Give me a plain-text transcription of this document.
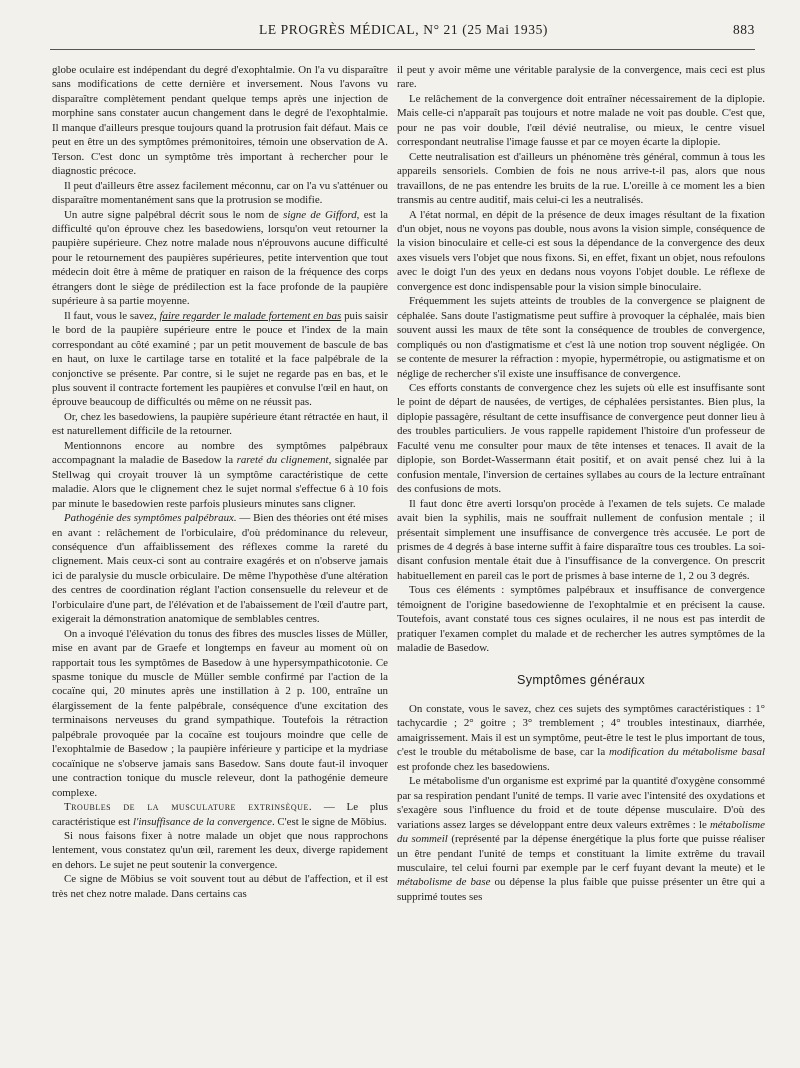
LE PROGRÈS MÉDICAL, N° 21 (25 Mai 1935)	883

globe oculaire est indépendant du degré d'exophtalmie. On l'a vu disparaître sans modifications de cette dernière et inversement. Nous l'avons vu disparaître complètement pendant quelque temps après une injection de morphine sans constater aucun changement dans le degré de l'exophtalmie. Il manque d'ailleurs presque toujours quand la protrusion fait défaut. Mais ce peut en être un des symptômes prémonitoires, témoin une observation de A. Terson. C'est donc un symptôme très important à rechercher pour le diagnostic précoce.

Il peut d'ailleurs être assez facilement méconnu, car on l'a vu s'atténuer ou disparaître momentanément sans que la protrusion se modifie.

Un autre signe palpébral décrit sous le nom de signe de Gifford, est la difficulté qu'on éprouve chez les basedowiens, lorsqu'on veut retourner la paupière supérieure. Chez notre malade nous n'éprouvons aucune difficulté pour le retournement des paupières supérieures, petite intervention que tout médecin doit être à même de pratiquer en raison de la fréquence des corps étrangers dont le siège de prédilection est la face profonde de la paupière supérieure à sa partie moyenne.

Il faut, vous le savez, faire regarder le malade fortement en bas puis saisir le bord de la paupière supérieure entre le pouce et l'index de la main correspondant au côté examiné ; par un petit mouvement de bascule de bas en haut, on luxe le cartilage tarse en totalité et la face palpébrale de la conjonctive se présente. Par contre, si le sujet ne regarde pas en bas, et le plus souvent il contracte fortement les paupières et convulse l'œil en haut, on éprouve beaucoup de difficultés ou même on ne réussit pas.

Or, chez les basedowiens, la paupière supérieure étant rétractée en haut, il est naturellement difficile de la retourner.

Mentionnons encore au nombre des symptômes palpébraux accompagnant la maladie de Basedow la rareté du clignement, signalée par Stellwag qui croyait trouver là un symptôme caractéristique de cette maladie. Alors que le clignement chez le sujet normal s'effectue 6 à 10 fois par minute le basedowien reste parfois plusieurs minutes sans cligner.

Pathogénie des symptômes palpébraux. — Bien des théories ont été mises en avant : relâchement de l'orbiculaire, d'où prédominance du releveur, conséquence d'un affaiblissement des réflexes comme la rareté du clignement. Mais ceux-ci sont au contraire exagérés et on n'observe jamais ici de paralysie du muscle orbiculaire. De même l'hypothèse d'une altération des centres de coordination réglant l'action consensuelle du releveur et de l'orbiculaire d'une part, de l'élévation et de l'abaissement de l'œil d'autre part, exigerait la démonstration anatomique de semblables centres.

On a invoqué l'élévation du tonus des fibres des muscles lisses de Müller, mise en avant par de Graefe et longtemps en faveur au moment où on rapportait tous les symptômes de Basedow à une hypersympathicotonie. Ce spasme tonique du muscle de Müller semble confirmé par l'action de la cocaïne qui, 20 minutes après une instillation à 2 p. 100, entraîne un élargissement de la fente palpébrale, conséquence d'une excitation des terminaisons nerveuses du grand sympathique. Toutefois la rétraction palpébrale provoquée par la cocaïne est toujours moindre que celle de l'exophtalmie de Basedow ; la paupière inférieure y participe et la mydriase cocaïnique ne s'observe jamais sans Basedow. Sans doute faut-il invoquer une contraction tonique du muscle releveur, dont la pathogénie demeure complexe.

Troubles de la musculature extrinsèque. — Le plus caractéristique est l'insuffisance de la convergence. C'est le signe de Möbius.

Si nous faisons fixer à notre malade un objet que nous rapprochons lentement, vous constatez qu'un œil, rarement les deux, diverge rapidement en dehors. Le sujet ne peut soutenir la convergence.

Ce signe de Möbius se voit souvent tout au début de l'affection, et il est très net chez notre malade. Dans certains cas

il peut y avoir même une véritable paralysie de la convergence, mais ceci est plus rare.

Le relâchement de la convergence doit entraîner nécessairement de la diplopie. Mais celle-ci n'apparaît pas toujours et notre malade ne voit pas double. C'est que, pour ne pas voir double, l'œil dévié neutralise, ou mieux, le centre visuel correspondant neutralise l'image fausse et par ce moyen écarte la diplopie.

Cette neutralisation est d'ailleurs un phénomène très général, commun à tous les appareils sensoriels. Combien de fois ne nous arrive-t-il pas, alors que nous travaillons, de ne pas entendre les bruits de la rue. L'oreille à ce moment les a bien transmis au centre auditif, mais celui-ci les a neutralisés.

A l'état normal, en dépit de la présence de deux images résultant de la fixation d'un objet, nous ne voyons pas double, nous avons la vision simple, conséquence de la vision binoculaire et celle-ci est sous la dépendance de la convergence des deux axes visuels vers l'objet que nous fixons. Si, en effet, fixant un objet, nous refoulons avec le doigt l'un des yeux en dedans nous voyons l'objet double. Le réflexe de convergence est donc indispensable pour la vision simple binoculaire.

Fréquemment les sujets atteints de troubles de la convergence se plaignent de céphalée. Sans doute l'astigmatisme peut suffire à provoquer la céphalée, mais bien souvent aussi les maux de tête sont la conséquence de troubles de convergence, compliqués ou non d'astigmatisme et c'est là une notion trop souvent négligée. On se contente de mesurer la réfraction : myopie, hypermétropie, ou astigmatisme et on néglige de rechercher s'il existe une insuffisance de convergence.

Ces efforts constants de convergence chez les sujets où elle est insuffisante sont le point de départ de nausées, de vertiges, de céphalées persistantes. Bien plus, la diplopie passagère, résultant de cette insuffisance de convergence peut donner lieu à des troubles particuliers. Je vous rappelle rapidement l'histoire d'un professeur de Faculté venu me consulter pour maux de tête intenses et tenaces. Il avait de la diplopie, son Bordet-Wassermann était positif, et on avait pensé chez lui à la confusion mentale, l'inversion de certaines syllabes au cours de la lecture entraînant des confusions de mots.

Il faut donc être averti lorsqu'on procède à l'examen de tels sujets. Ce malade avait bien la syphilis, mais ne souffrait nullement de confusion mentale ; il présentait simplement une insuffisance de convergence très accusée. Le port de prismes de 4 degrés à base interne suffit à faire disparaître tous ces troubles. La soi-disant confusion mentale était due à l'insuffisance de la convergence. On prescrit habituellement en pareil cas le port de prismes à base interne de 1, 2 ou 3 degrés.

Tous ces éléments : symptômes palpébraux et insuffisance de convergence témoignent de l'origine basedowienne de l'exophtalmie et en précisent la cause. Toutefois, avant constaté tous ces signes oculaires, il ne nous est pas interdit de pratiquer l'examen complet du malade et de rechercher les autres symptômes de la maladie de Basedow.

Symptômes généraux

On constate, vous le savez, chez ces sujets des symptômes caractéristiques : 1° tachycardie ; 2° goitre ; 3° tremblement ; 4° troubles intestinaux, diarrhée, amaigrissement. Mais il est un symptôme, peut-être le test le plus important de tous, c'est le trouble du métabolisme de base, car la modification du métabolisme basal est profonde chez les basedowiens.

Le métabolisme d'un organisme est exprimé par la quantité d'oxygène consommé par sa respiration pendant l'unité de temps. Il varie avec l'intensité des oxydations et s'exagère sous l'influence du froid et de toute dépense musculaire. D'où des variations assez larges se développant entre deux valeurs extrêmes : le métabolisme du sommeil (représenté par la dépense énergétique la plus forte que puisse réaliser un être pendant l'unité de temps et constituant la limite extrême du travail musculaire, tel celui fourni par exemple par le cerf fuyant devant la meute) et le métabolisme de base ou dépense la plus faible que puisse présenter un être qui a supprimé toutes ses
